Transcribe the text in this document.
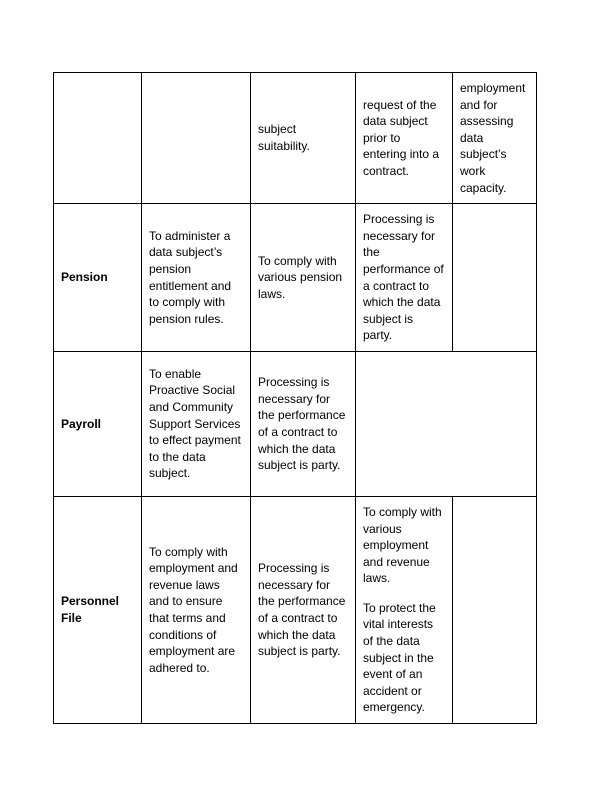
		subject suitability.	request of the data subject prior to entering into a contract.	employment and for assessing data subject’s work capacity.
Pension	To administer a data subject’s pension entitlement and to comply with pension rules.	To comply with various pension laws.	Processing is necessary for the performance of a contract to which the data subject is party.	

Payroll	To enable Proactive Social and Community Support Services to effect payment to the data subject.	Processing is necessary for the performance of a contract to which the data subject is party.		

Personnel File	To comply with employment and revenue laws and to ensure that terms and conditions of employment are adhered to.	Processing is necessary for the performance of a contract to which the data subject is party.	To comply with various employment and revenue laws.
To protect the vital interests of the data subject in the event of an accident or emergency.	
